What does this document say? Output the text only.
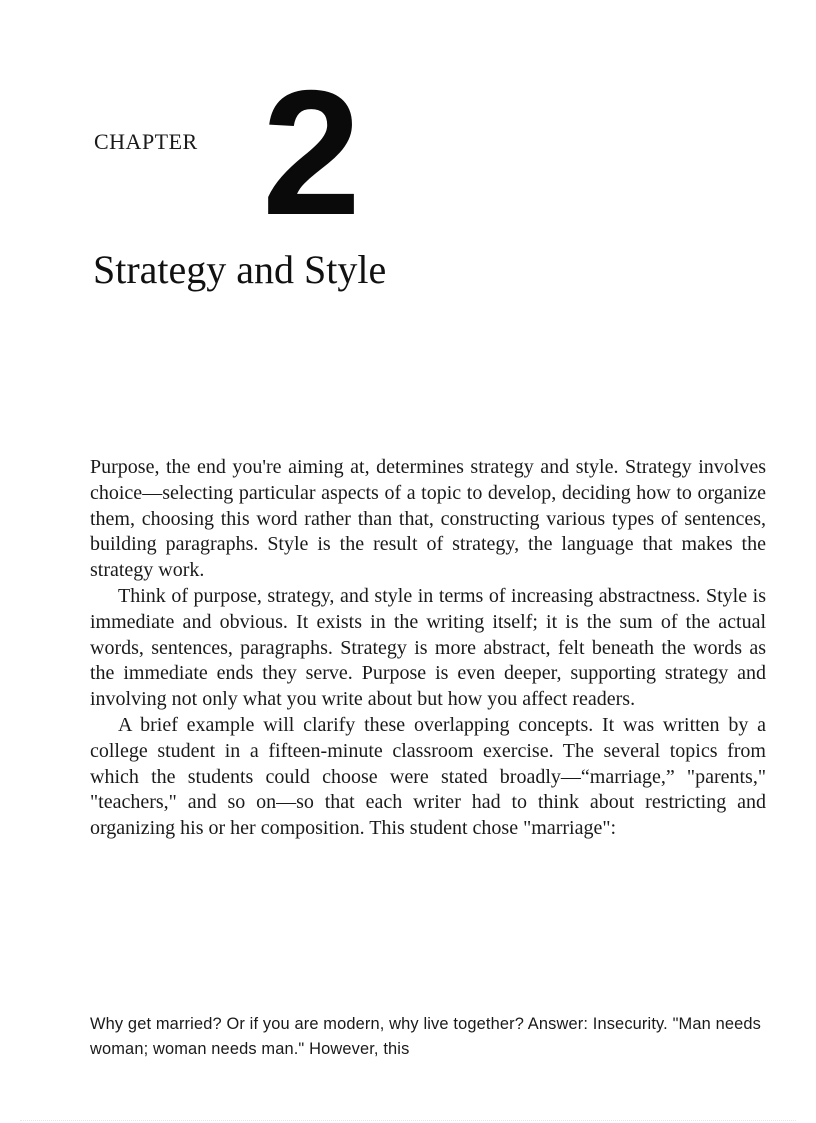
CHAPTER 2
Strategy and Style

Purpose, the end you're aiming at, determines strategy and style. Strategy involves choice—selecting particular aspects of a topic to develop, deciding how to organize them, choosing this word rather than that, constructing various types of sentences, building paragraphs. Style is the result of strategy, the language that makes the strategy work.

Think of purpose, strategy, and style in terms of increasing abstractness. Style is immediate and obvious. It exists in the writing itself; it is the sum of the actual words, sentences, paragraphs. Strategy is more abstract, felt beneath the words as the immediate ends they serve. Purpose is even deeper, supporting strategy and involving not only what you write about but how you affect readers.

A brief example will clarify these overlapping concepts. It was written by a college student in a fifteen-minute classroom exercise. The several topics from which the students could choose were stated broadly—“marriage,” "parents," "teachers," and so on—so that each writer had to think about restricting and organizing his or her composition. This student chose "marriage":

Why get married? Or if you are modern, why live together? Answer: Insecurity. "Man needs woman; woman needs man." However, this
